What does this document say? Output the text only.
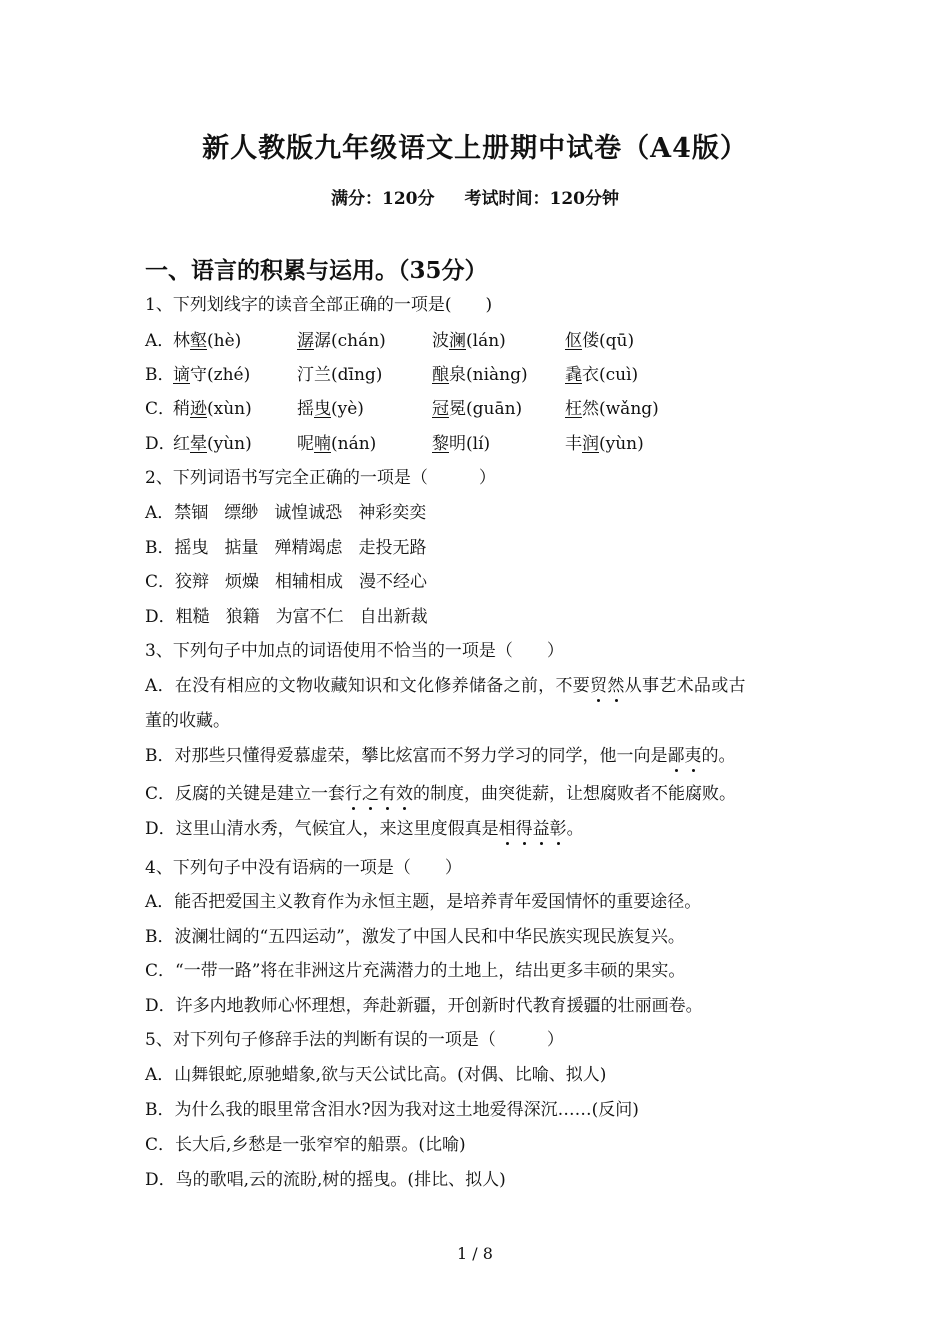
新人教版九年级语文上册期中试卷（A4版）
满分：120分 考试时间：120分钟
一、语言的积累与运用。（35分）
1、下列划线字的读音全部正确的一项是(　　)
A．
林壑(hè)	潺潺(chán)	波澜(lán)	伛偻(qū)
B．
谪守(zhé)	汀兰(dīng)	酿泉(niàng) 毳衣(cuì)
C．
稍逊(xùn)	摇曳(yè)	冠冕(guān)	枉然(wǎng)
D．
红晕(yùn)	呢喃(nán)	黎明(lí)	丰润(yùn)
2、下列词语书写完全正确的一项是（　　　）
A．禁锢 缥缈 诚惶诚恐 神彩奕奕
B．摇曳 掂量 殚精竭虑 走投无路
C．狡辩 烦燥 相辅相成 漫不经心
D．粗糙 狼籍 为富不仁 自出新裁
3、下列句子中加点的词语使用不恰当的一项是（　　）
A．在没有相应的文物收藏知识和文化修养储备之前，不要贸然从事艺术品或古
董的收藏。
B．对那些只懂得爱慕虚荣，攀比炫富而不努力学习的同学，他一向是鄙夷的。
C．反腐的关键是建立一套行之有效的制度，曲突徙薪，让想腐败者不能腐败。
D．这里山清水秀，气候宜人，来这里度假真是相得益彰。
4、下列句子中没有语病的一项是（　　）
A．能否把爱国主义教育作为永恒主题，是培养青年爱国情怀的重要途径。
B．波澜壮阔的“五四运动”，激发了中国人民和中华民族实现民族复兴。
C．“一带一路”将在非洲这片充满潜力的土地上，结出更多丰硕的果实。
D．许多内地教师心怀理想，奔赴新疆，开创新时代教育援疆的壮丽画卷。
5、对下列句子修辞手法的判断有误的一项是（　　　）
A．山舞银蛇,原驰蜡象,欲与天公试比高。(对偶、比喻、拟人)
B．为什么我的眼里常含泪水?因为我对这土地爱得深沉……(反问)
C．长大后,乡愁是一张窄窄的船票。(比喻)
D．鸟的歌唱,云的流盼,树的摇曳。(排比、拟人)
1 / 8
